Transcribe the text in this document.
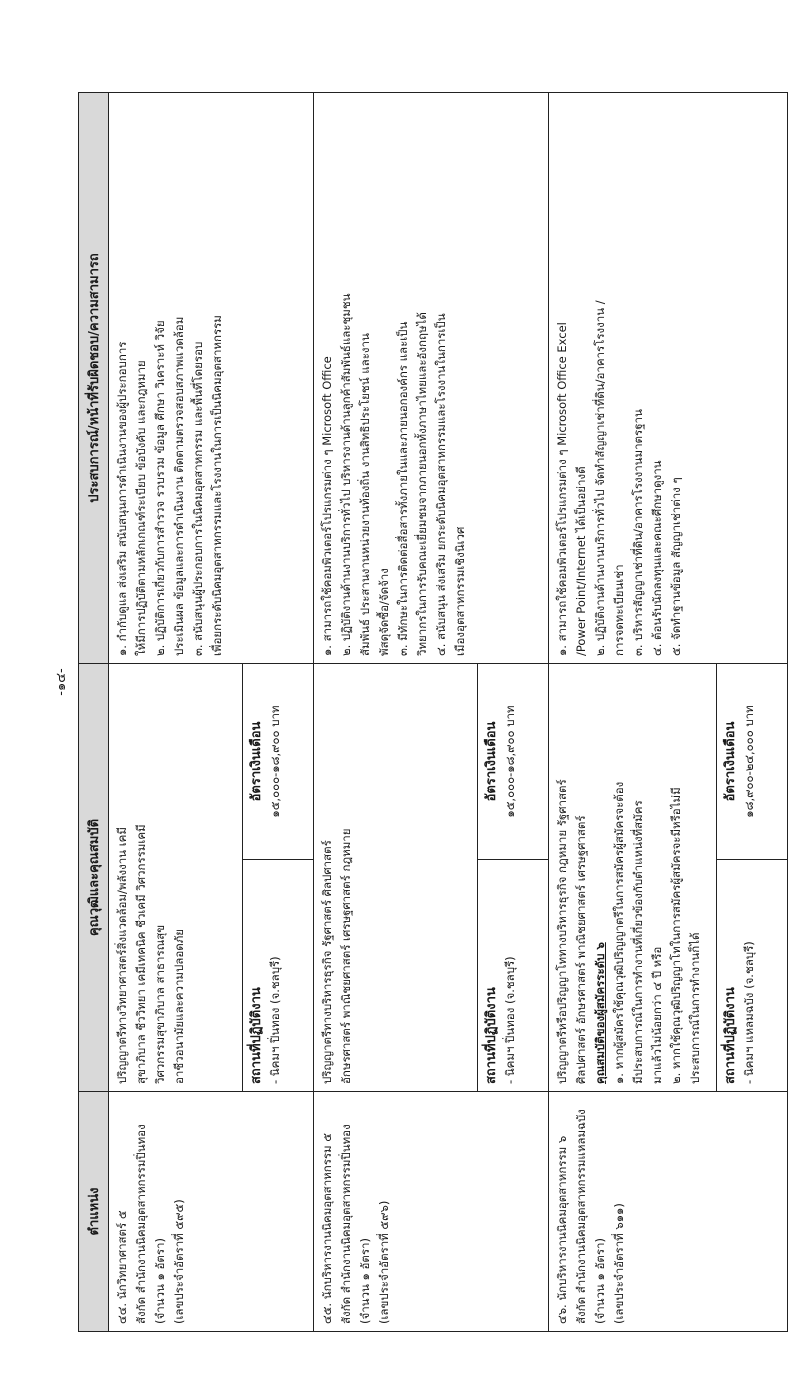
-๑๔-
ตำแหน่ง
คุณวุฒิและคุณสมบัติ
ประสบการณ์/หน้าที่รับผิดชอบ/ความสามารถ

๔๔. นักวิทยาศาสตร์ ๕ สังกัด สำนักงานนิคมอุตสาหกรรมปิ่นทอง (จำนวน ๑ อัตรา) (เลขประจำอัตราที่ ๕๙๕)

ปริญญาตรีทางวิทยาศาสตร์สิ่งแวดล้อม/พลังงาน เคมี สุขาภิบาล ชีววิทยา เคมีเทคนิค ชีวเคมี วิศวกรรมเคมี วิศวกรรมสุขาภิบาล สาธารณสุข อาชีวอนามัยและความปลอดภัย	สถานที่ปฏิบัติงาน - นิคมฯ ปิ่นทอง (จ.ชลบุรี)

อัตราเงินเดือน ๑๕,๐๐๐-๑๘,๙๐๐ บาท

๑. กำกับดูแล ส่งเสริม สนับสนุนการดำเนินงานของผู้ประกอบการ ให้มีการปฏิบัติตามหลักเกณฑ์ระเบียบ ข้อบังคับ และกฎหมาย ๒. ปฏิบัติการเกี่ยวกับการสำรวจ รวบรวม ข้อมูล ศึกษา วิเคราะห์ วิจัย ประเมินผล ข้อมูลและการดำเนินงาน ติดตามตรวจสอบสภาพแวดล้อม ๓. สนับสนุนผู้ประกอบการในนิคมอุตสาหกรรม และพื้นที่โดยรอบ เพื่อยกระดับนิคมอุตสาหกรรมและโรงงานในการเป็นนิคมอุตสาหกรรม

๔๕. นักบริหารงานนิคมอุตสาหกรรม ๕ สังกัด สำนักงานนิคมอุตสาหกรรมปิ่นทอง (จำนวน ๑ อัตรา) (เลขประจำอัตราที่ ๕๙๖)

ปริญญาตรีทางบริหารธุรกิจ รัฐศาสตร์ ศิลปศาสตร์ อักษรศาสตร์ พาณิชยศาสตร์ เศรษฐศาสตร์ กฎหมาย	สถานที่ปฏิบัติงาน - นิคมฯ ปิ่นทอง (จ.ชลบุรี)

อัตราเงินเดือน ๑๕,๐๐๐-๑๘,๙๐๐ บาท

๑. สามารถใช้คอมพิวเตอร์โปรแกรมต่าง ๆ Microsoft Office ๒. ปฏิบัติงานด้านงานบริการทั่วไป บริหารงานด้านลูกค้าสัมพันธ์และชุมชน สัมพันธ์ ประสานงานหน่วยงานท้องถิ่น งานสิทธิประโยชน์ และงาน พัสดุจัดซื้อ/จัดจ้าง ๓. มีทักษะในการติดต่อสื่อสารทั้งภายในและภายนอกองค์กร และเป็น วิทยากรในการรับคณะเยี่ยมชมจากภายนอกทั้งภาษาไทยและอังกฤษได้ ๔. สนับสนุน ส่งเสริม ยกระดับนิคมอุตสาหกรรมและโรงงานในการเป็น เมืองอุตสาหกรรมเชิงนิเวศ

๔๖. นักบริหารงานนิคมอุตสาหกรรม ๖ สังกัด สำนักงานนิคมอุตสาหกรรมแหลมฉบัง (จำนวน ๑ อัตรา) (เลขประจำอัตราที่ ๖๑๑)

ปริญญาตรีหรือปริญญาโททางบริหารธุรกิจ กฎหมาย รัฐศาสตร์ ศิลปศาสตร์ อักษรศาสตร์ พาณิชยศาสตร์ เศรษฐศาสตร์ คุณสมบัติของผู้สมัครระดับ ๖ ๑. หากผู้สมัครใช้คุณวุฒิปริญญาตรีในการสมัครผู้สมัครจะต้อง มีประสบการณ์ในการทำงานที่เกี่ยวข้องกับตำแหน่งที่สมัคร มาแล้วไม่น้อยกว่า ๔ ปี หรือ ๒. หากใช้คุณวุฒิปริญญาโทในการสมัครผู้สมัครจะมีหรือไม่มี ประสบการณ์ในการทำงานก็ได้ สถานที่ปฏิบัติงาน - นิคมฯ แหลมฉบัง (จ.ชลบุรี)

อัตราเงินเดือน ๑๘,๙๐๐-๒๔,๐๐๐ บาท

๑. สามารถใช้คอมพิวเตอร์โปรแกรมต่าง ๆ Microsoft Office Excel /Power Point/Internet ได้เป็นอย่างดี ๒. ปฏิบัติงานด้านงานบริการทั่วไป จัดทำสัญญาเช่าที่ดิน/อาคารโรงงาน / การจดทะเบียนเช่า ๓. บริหารสัญญาเช่าที่ดิน/อาคารโรงงานมาตรฐาน ๔. ต้อนรับนักลงทุนและคณะศึกษาดูงาน ๕. จัดทำฐานข้อมูล สัญญาเช่าต่าง ๆ
